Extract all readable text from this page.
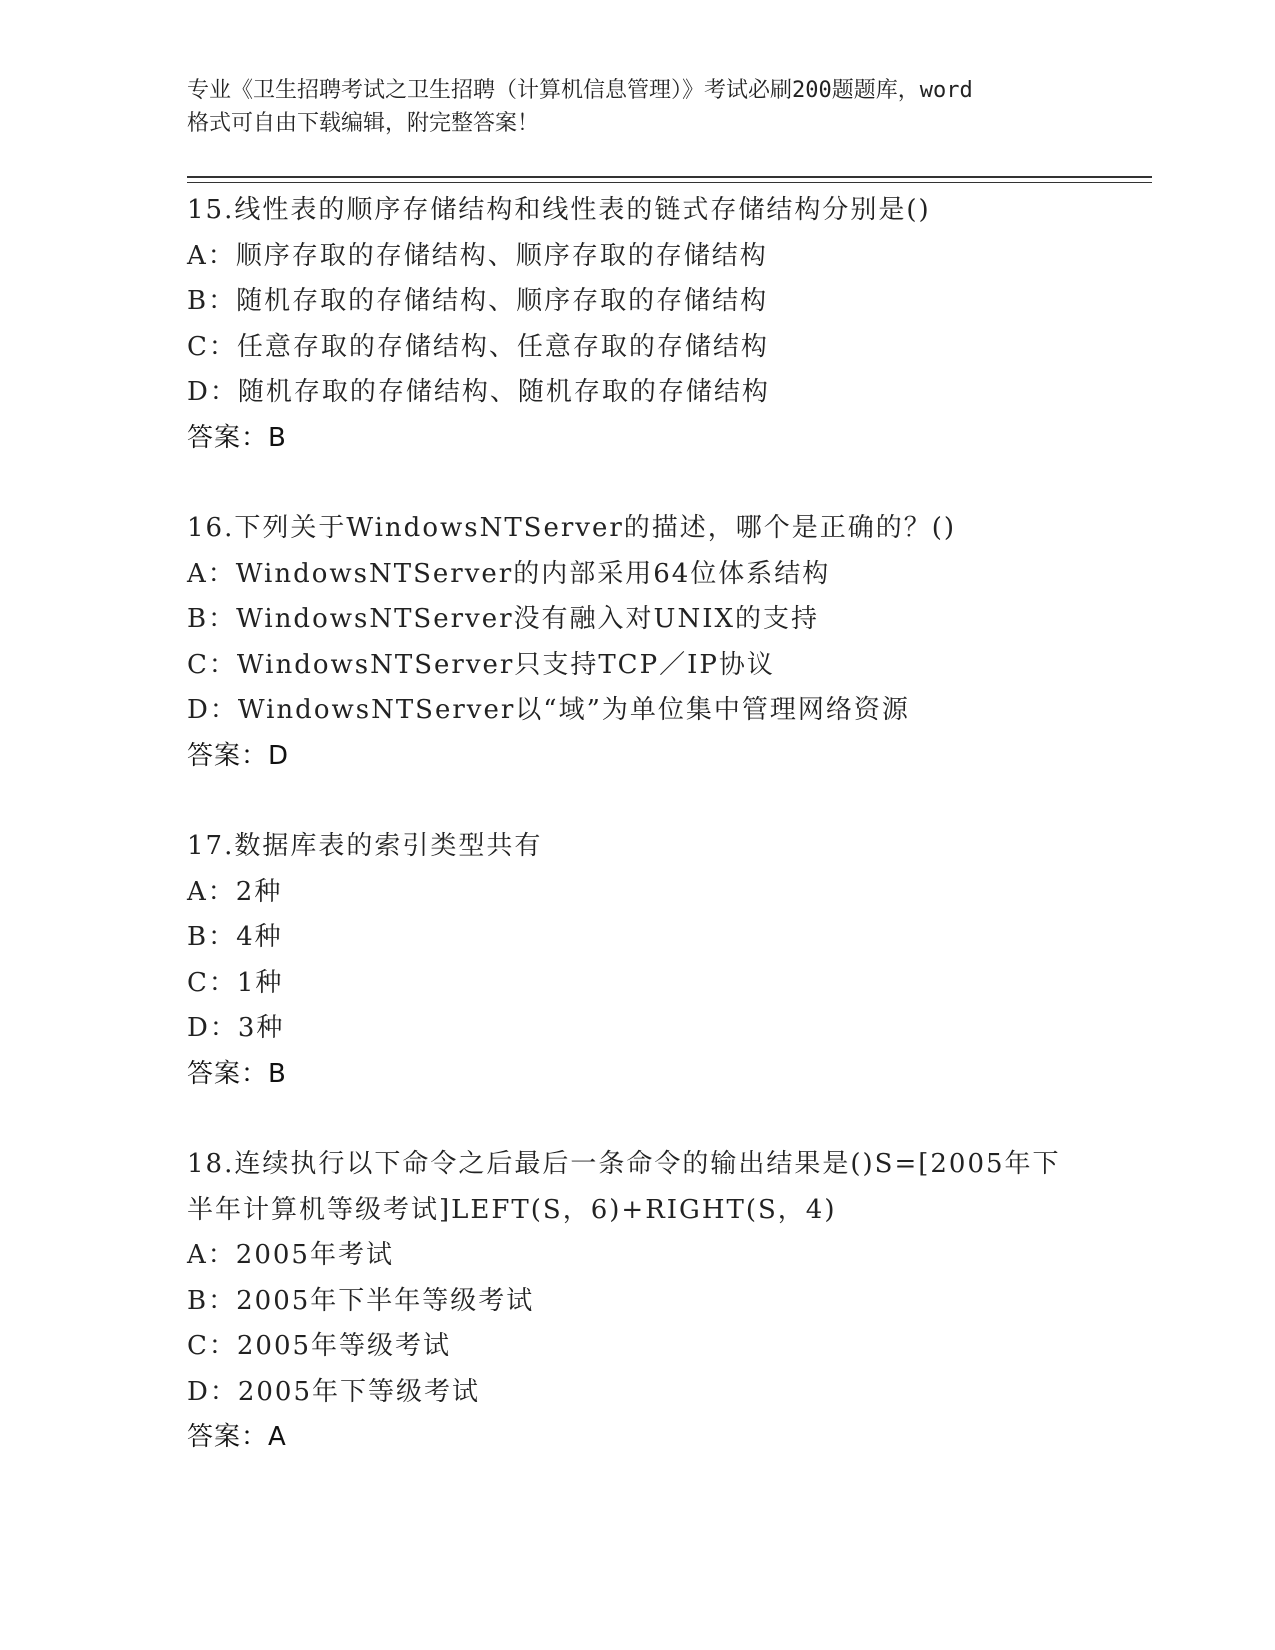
专业《卫生招聘考试之卫生招聘（计算机信息管理）》考试必刷200题题库，word
格式可自由下载编辑，附完整答案！
15.线性表的顺序存储结构和线性表的链式存储结构分别是()
A：顺序存取的存储结构、顺序存取的存储结构
B：随机存取的存储结构、顺序存取的存储结构
C：任意存取的存储结构、任意存取的存储结构
D：随机存取的存储结构、随机存取的存储结构
答案：B
16.下列关于WindowsNTServer的描述，哪个是正确的？()
A：WindowsNTServer的内部采用64位体系结构
B：WindowsNTServer没有融入对UNIX的支持
C：WindowsNTServer只支持TCP／IP协议
D：WindowsNTServer以“域”为单位集中管理网络资源
答案：D
17.数据库表的索引类型共有
A：2种
B：4种
C：1种
D：3种
答案：B
18.连续执行以下命令之后最后一条命令的输出结果是()S=[2005年下
半年计算机等级考试]LEFT(S，6)+RIGHT(S，4)
A：2005年考试
B：2005年下半年等级考试
C：2005年等级考试
D：2005年下等级考试
答案：A
